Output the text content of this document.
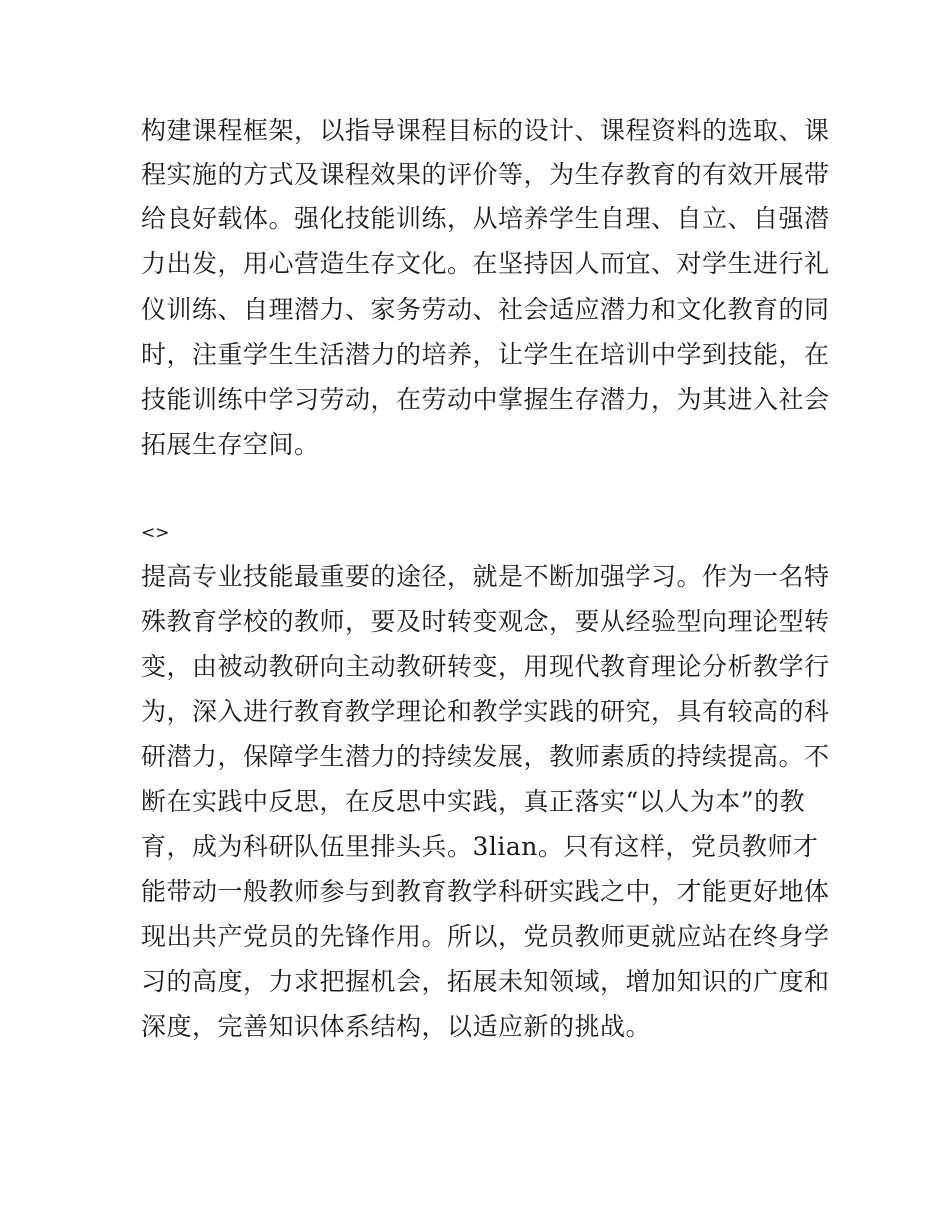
构建课程框架，以指导课程目标的设计、课程资料的选取、课
程实施的方式及课程效果的评价等，为生存教育的有效开展带
给良好载体。强化技能训练，从培养学生自理、自立、自强潜
力出发，用心营造生存文化。在坚持因人而宜、对学生进行礼
仪训练、自理潜力、家务劳动、社会适应潜力和文化教育的同
时，注重学生生活潜力的培养，让学生在培训中学到技能，在
技能训练中学习劳动，在劳动中掌握生存潜力，为其进入社会
拓展生存空间。
<>
提高专业技能最重要的途径，就是不断加强学习。作为一名特
殊教育学校的教师，要及时转变观念，要从经验型向理论型转
变，由被动教研向主动教研转变，用现代教育理论分析教学行
为，深入进行教育教学理论和教学实践的研究，具有较高的科
研潜力，保障学生潜力的持续发展，教师素质的持续提高。不
断在实践中反思，在反思中实践，真正落实“以人为本”的教
育，成为科研队伍里排头兵。3lian。只有这样，党员教师才
能带动一般教师参与到教育教学科研实践之中，才能更好地体
现出共产党员的先锋作用。所以，党员教师更就应站在终身学
习的高度，力求把握机会，拓展未知领域，增加知识的广度和
深度，完善知识体系结构，以适应新的挑战。
